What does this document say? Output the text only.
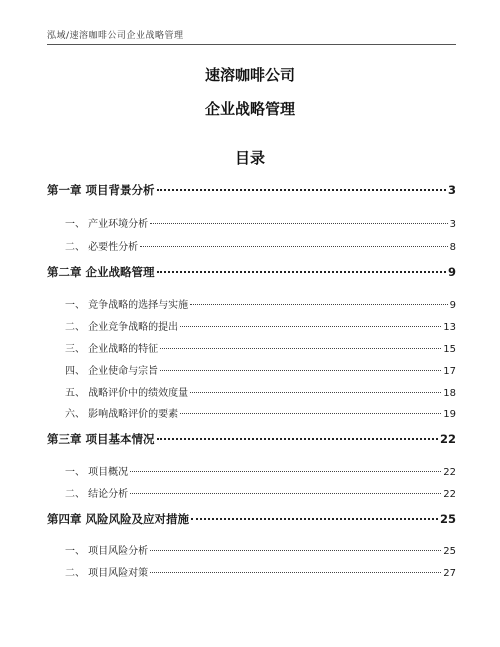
泓域/速溶咖啡公司企业战略管理
速溶咖啡公司
企业战略管理
目录
第一章 项目背景分析	3
一、 产业环境分析	3
二、 必要性分析	8
第二章 企业战略管理	9
一、 竞争战略的选择与实施	9
二、 企业竞争战略的提出	13
三、 企业战略的特征	15
四、 企业使命与宗旨	17
五、 战略评价中的绩效度量	18
六、 影响战略评价的要素	19
第三章 项目基本情况	22
一、 项目概况	22
二、 结论分析	22
第四章 风险风险及应对措施	25
一、 项目风险分析	25
二、 项目风险对策	27
